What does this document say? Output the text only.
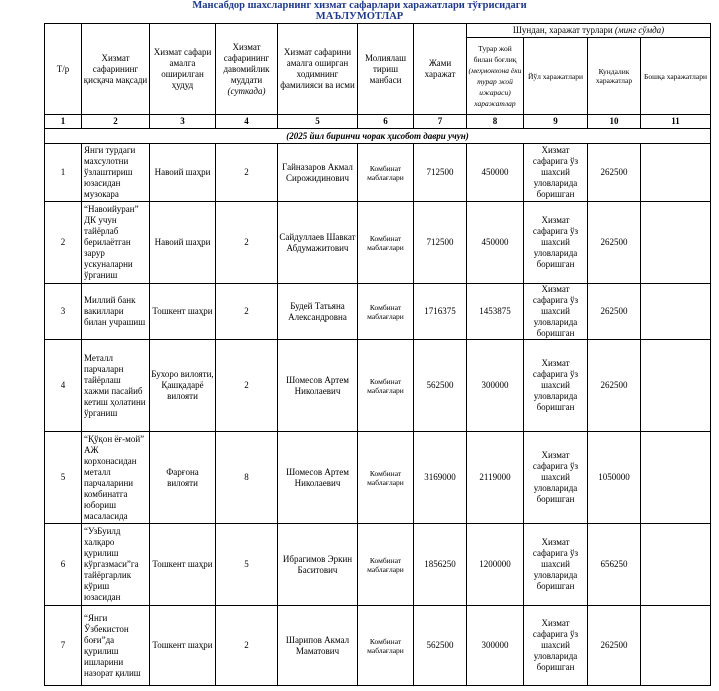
Мансабдор шахсларнинг хизмат сафарлари харажатлари тўғрисидаги
МАЪЛУМОТЛАР
Т/р	Хизмат сафарининг қисқача мақсади	Хизмат сафари амалга оширилган ҳудуд	Хизмат сафарининг давомийлик муддати (суткада)	Хизмат сафарини амалга оширган ходимнинг фамилияси ва исми	Молиялаш тириш манбаси	Жами харажат	Шундан, харажат турлари (минг сўмда)			
							Турар жой билан боғлиқ (меҳмонхона ёки турар жой ижараси) харажатлар	Йўл харажатлари	Кундалик харажатлар	Бошқа харажатлари
1	2	3	4	5	6	7	8	9	10	11
(2025 йил биринчи чорак ҳисобот даври учун)										
1	Янги турдаги махсулотни ўзлаштириш юзасидан музокара	Навоий шаҳри	2	Гайназаров Акмал Сирожидинович	Комбинат маблағлари	712500	450000	Хизмат сафарига ўз шахсий уловларида боришган	262500	
2	“Навоийуран” ДК учун тайёрлаб берилаётган зарур ускуналарни ўрганиш	Навоий шаҳри	2	Сайдуллаев Шавкат Абдумажитович	Комбинат маблағлари	712500	450000	Хизмат сафарига ўз шахсий уловларида боришган	262500	
3	Миллий банк вакиллари билан учрашиш	Тошкент шаҳри	2	Будей Татьяна Александровна	Комбинат маблағлари	1716375	1453875	Хизмат сафарига ўз шахсий уловларида боришган	262500	
4	Металл парчаларн тайёрлаш хажми пасайиб кетиш ҳолатини ўрганиш	Бухоро вилояти, Қашқадарё вилояти	2	Шомесов Артем Николаевич	Комбинат маблағлари	562500	300000	Хизмат сафарига ўз шахсий уловларида боришган	262500	
5	“Қўқон ёғ-мой” АЖ корхонасидан металл парчаларини комбинатга юбориш масаласида	Фарғона вилояти	8	Шомесов Артем Николаевич	Комбинат маблағлари	3169000	2119000	Хизмат сафарига ўз шахсий уловларида боришган	1050000	
6	“УзБуилд халқаро қурилиш кўргазмаси”га тайёргарлик кўриш юзасидан	Тошкент шаҳри	5	Ибрагимов Эркин Баситович	Комбинат маблағлари	1856250	1200000	Хизмат сафарига ўз шахсий уловларида боришган	656250	
7	“Янги Ўзбекистон боғи”да қурилиш ишларини назорат қилиш	Тошкент шаҳри	2	Шарипов Акмал Маматович	Комбинат маблағлари	562500	300000	Хизмат сафарига ўз шахсий уловларида боришган	262500	
